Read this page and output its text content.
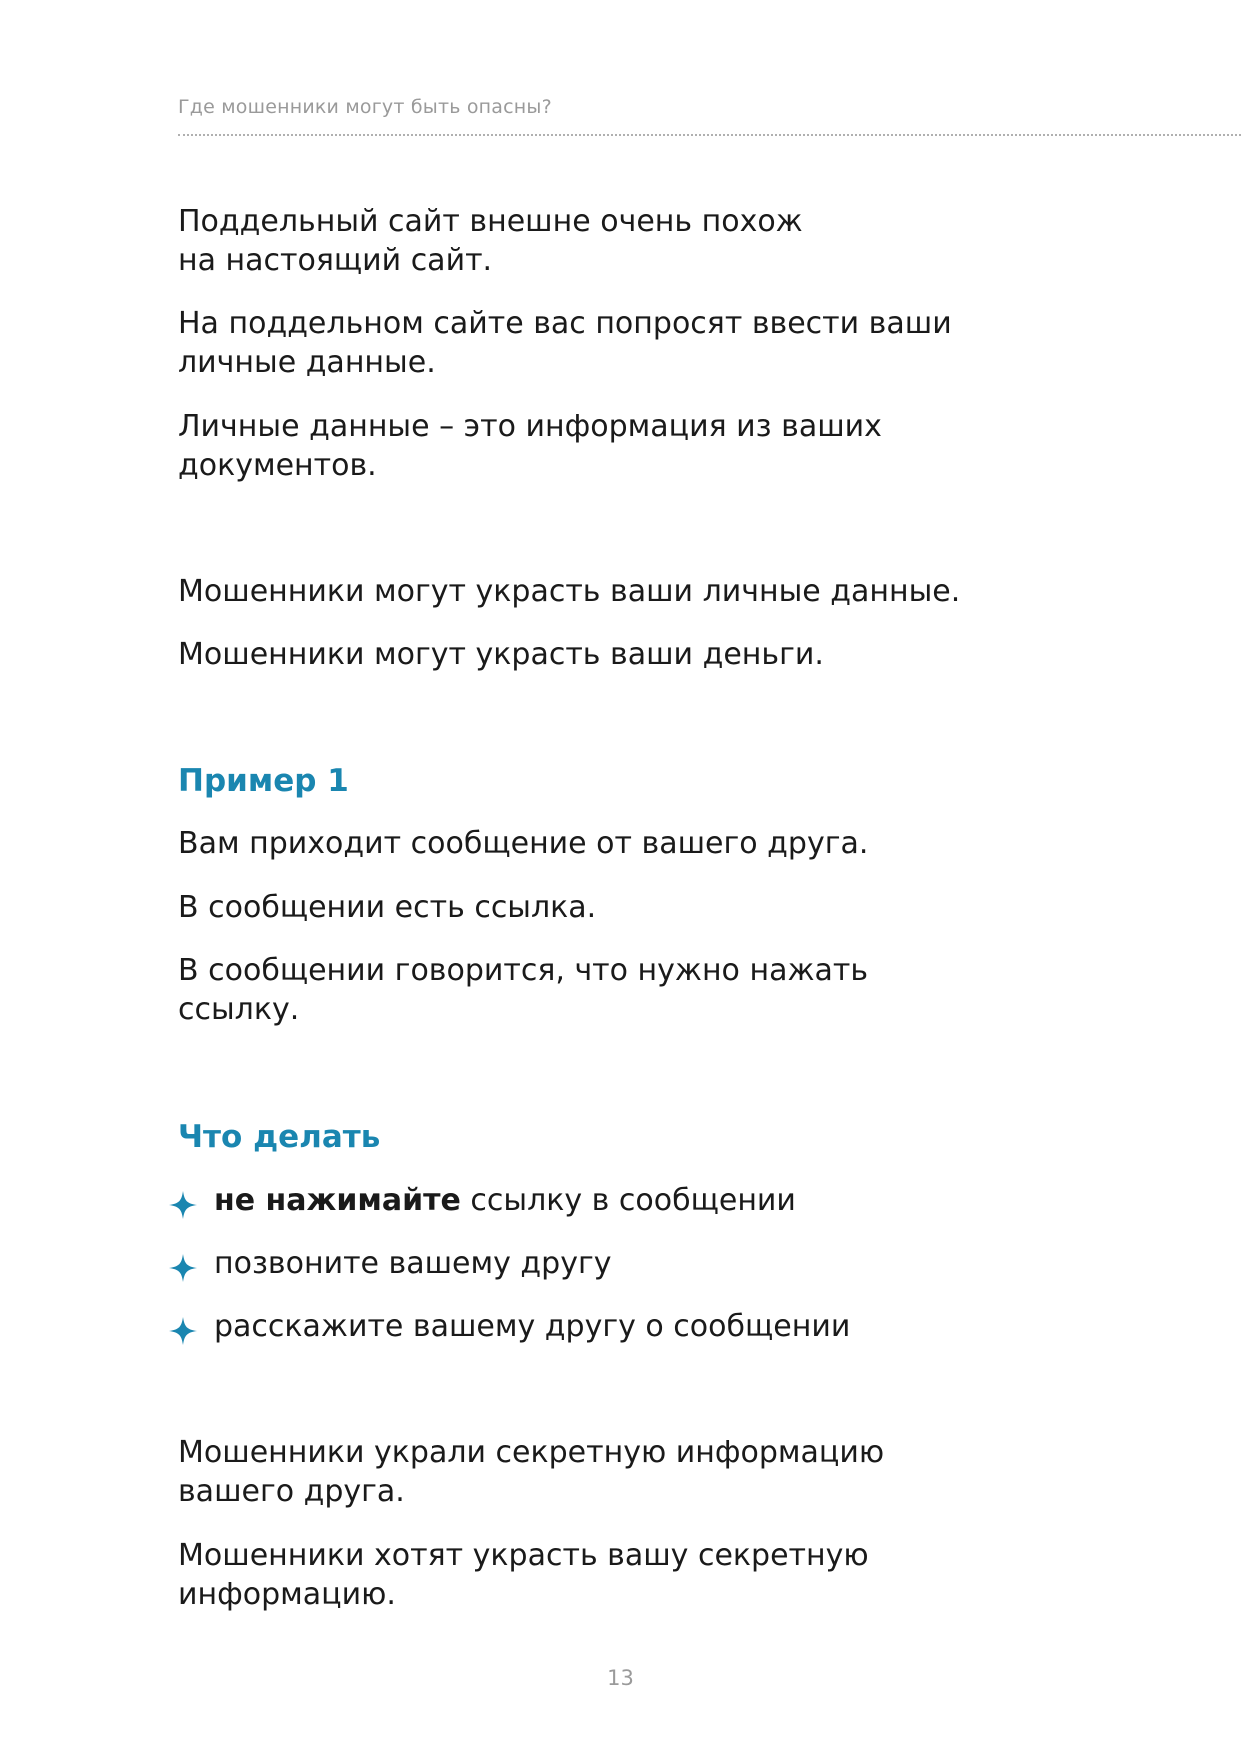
Где мошенники могут быть опасны?

Поддельный сайт внешне очень похож
на настоящий сайт.

На поддельном сайте вас попросят ввести ваши
личные данные.

Личные данные – это информация из ваших
документов.

Мошенники могут украсть ваши личные данные.

Мошенники могут украсть ваши деньги.

Пример 1

Вам приходит сообщение от вашего друга.

В сообщении есть ссылка.

В сообщении говорится, что нужно нажать
ссылку.

Что делать
не нажимайте ссылку в сообщении
позвоните вашему другу
расскажите вашему другу о сообщении

Мошенники украли секретную информацию
вашего друга.

Мошенники хотят украсть вашу секретную
информацию.

13
